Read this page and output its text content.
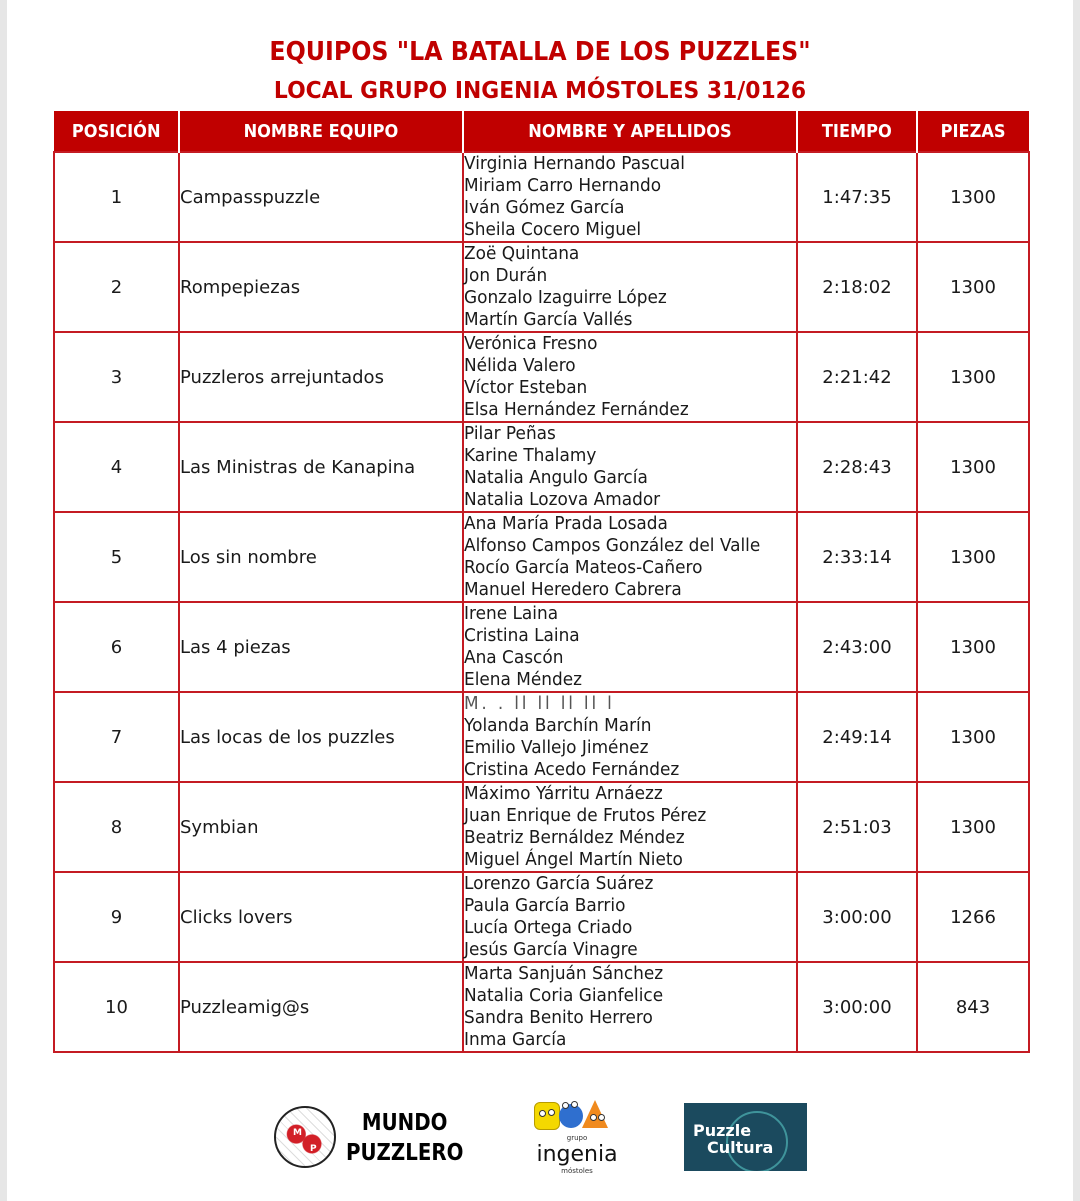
EQUIPOS "LA BATALLA DE LOS PUZZLES"
LOCAL GRUPO INGENIA MÓSTOLES 31/0126
POSICIÓN	NOMBRE EQUIPO	NOMBRE Y APELLIDOS	TIEMPO	PIEZAS
1	Campasspuzzle	Virginia Hernando Pascual
Miriam Carro Hernando
Iván Gómez García
Sheila Cocero Miguel	1:47:35	1300
2	Rompepiezas	Zoë Quintana
Jon Durán
Gonzalo Izaguirre López
Martín García Vallés	2:18:02	1300
3	Puzzleros arrejuntados	Verónica Fresno
Nélida Valero
Víctor Esteban
Elsa Hernández Fernández	2:21:42	1300
4	Las Ministras de Kanapina	Pilar Peñas
Karine Thalamy
Natalia Angulo García
Natalia Lozova Amador	2:28:43	1300
5	Los sin nombre	Ana María Prada Losada
Alfonso Campos González del Valle
Rocío García Mateos-Cañero
Manuel Heredero Cabrera	2:33:14	1300
6	Las 4 piezas	Irene Laina
Cristina Laina
Ana Cascón
Elena Méndez	2:43:00	1300
7	Las locas de los puzzles	M. . ll ll ll ll l
Yolanda Barchín Marín
Emilio Vallejo Jiménez
Cristina Acedo Fernández	2:49:14	1300
8	Symbian	Máximo Yárritu Arnáezz
Juan Enrique de Frutos Pérez
Beatriz Bernáldez Méndez
Miguel Ángel Martín Nieto	2:51:03	1300
9	Clicks lovers	Lorenzo García Suárez
Paula García Barrio
Lucía Ortega Criado
Jesús García Vinagre	3:00:00	1266
10	Puzzleamig@s	Marta Sanjuán Sánchez
Natalia Coria Gianfelice
Sandra Benito Herrero
Inma García	3:00:00	843
M
P
MUNDO
PUZZLERO
grupo
ingenia
móstoles
Puzzle
Cultura
